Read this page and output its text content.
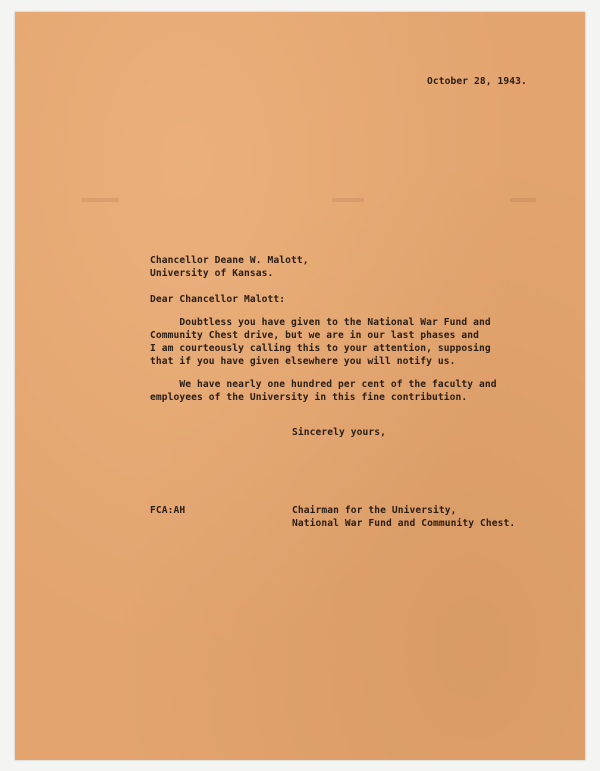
October 28, 1943.
Chancellor Deane W. Malott,
University of Kansas.
Dear Chancellor Malott:
Doubtless you have given to the National War Fund and
Community Chest drive, but we are in our last phases and
I am courteously calling this to your attention, supposing
that if you have given elsewhere you will notify us.
We have nearly one hundred per cent of the faculty and
employees of the University in this fine contribution.
Sincerely yours,
FCA:AH	Chairman for the University,
National War Fund and Community Chest.
